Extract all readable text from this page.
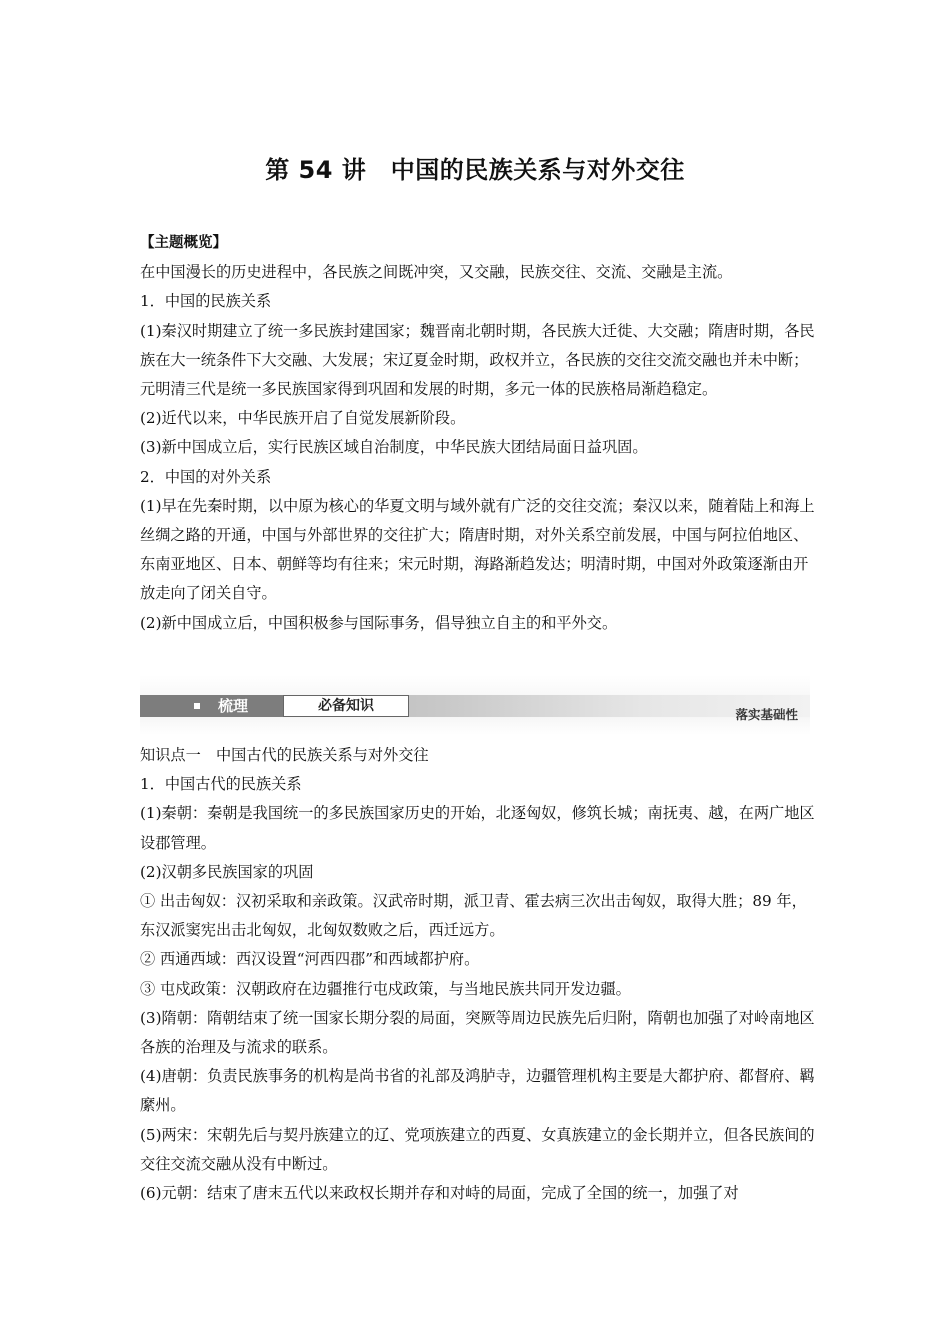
第 54 讲　中国的民族关系与对外交往

【主题概览】

在中国漫长的历史进程中，各民族之间既冲突，又交融，民族交往、交流、交融是主流。

1．中国的民族关系

(1)秦汉时期建立了统一多民族封建国家；魏晋南北朝时期，各民族大迁徙、大交融；隋唐时期，各民族在大一统条件下大交融、大发展；宋辽夏金时期，政权并立，各民族的交往交流交融也并未中断；元明清三代是统一多民族国家得到巩固和发展的时期，多元一体的民族格局渐趋稳定。

(2)近代以来，中华民族开启了自觉发展新阶段。

(3)新中国成立后，实行民族区域自治制度，中华民族大团结局面日益巩固。

2．中国的对外关系

(1)早在先秦时期，以中原为核心的华夏文明与域外就有广泛的交往交流；秦汉以来，随着陆上和海上丝绸之路的开通，中国与外部世界的交往扩大；隋唐时期，对外关系空前发展，中国与阿拉伯地区、东南亚地区、日本、朝鲜等均有往来；宋元时期，海路渐趋发达；明清时期，中国对外政策逐渐由开放走向了闭关自守。

(2)新中国成立后，中国积极参与国际事务，倡导独立自主的和平外交。

梳理	必备知识
落实基础性

知识点一　中国古代的民族关系与对外交往

1．中国古代的民族关系

(1)秦朝：秦朝是我国统一的多民族国家历史的开始，北逐匈奴，修筑长城；南抚夷、越，在两广地区设郡管理。

(2)汉朝多民族国家的巩固

① 出击匈奴：汉初采取和亲政策。汉武帝时期，派卫青、霍去病三次出击匈奴，取得大胜；89 年，东汉派窦宪出击北匈奴，北匈奴数败之后，西迁远方。

② 西通西域：西汉设置“河西四郡”和西域都护府。

③ 屯戍政策：汉朝政府在边疆推行屯戍政策，与当地民族共同开发边疆。

(3)隋朝：隋朝结束了统一国家长期分裂的局面，突厥等周边民族先后归附，隋朝也加强了对岭南地区各族的治理及与流求的联系。

(4)唐朝：负责民族事务的机构是尚书省的礼部及鸿胪寺，边疆管理机构主要是大都护府、都督府、羁縻州。

(5)两宋：宋朝先后与契丹族建立的辽、党项族建立的西夏、女真族建立的金长期并立，但各民族间的交往交流交融从没有中断过。

(6)元朝：结束了唐末五代以来政权长期并存和对峙的局面，完成了全国的统一，加强了对
